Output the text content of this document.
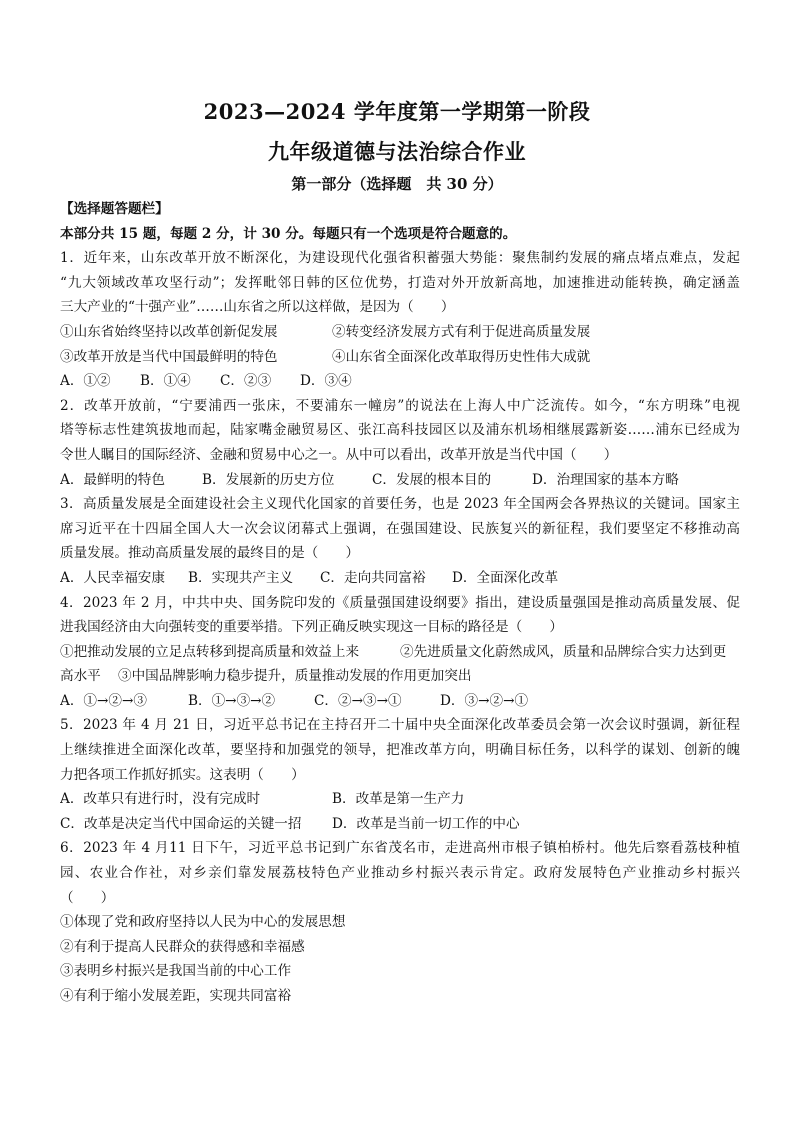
2023—2024 学年度第一学期第一阶段
九年级道德与法治综合作业
第一部分（选择题　共 30 分）
【选择题答题栏】
本部分共 15 题，每题 2 分，计 30 分。每题只有一个选项是符合题意的。
1．近年来，山东改革开放不断深化，为建设现代化强省积蓄强大势能：聚焦制约发展的痛点堵点难点，发起
“九大领域改革攻坚行动”；发挥毗邻日韩的区位优势，打造对外开放新高地，加速推进动能转换，确定涵盖
三大产业的“十强产业”……山东省之所以这样做，是因为（　　）
①山东省始终坚持以改革创新促发展	②转变经济发展方式有利于促进高质量发展
③改革开放是当代中国最鲜明的特色	④山东省全面深化改革取得历史性伟大成就
A．①② B．①④ C．②③ D．③④
2．改革开放前，“宁要浦西一张床，不要浦东一幢房”的说法在上海人中广泛流传。如今，“东方明珠”电视
塔等标志性建筑拔地而起，陆家嘴金融贸易区、张江高科技园区以及浦东机场相继展露新姿……浦东已经成为
令世人瞩目的国际经济、金融和贸易中心之一。从中可以看出，改革开放是当代中国（　　）
A．最鲜明的特色	B．发展新的历史方位	C．发展的根本目的	D．治理国家的基本方略
3．高质量发展是全面建设社会主义现代化国家的首要任务，也是 2023 年全国两会各界热议的关键词。国家主
席习近平在十四届全国人大一次会议闭幕式上强调，在强国建设、民族复兴的新征程，我们要坚定不移推动高
质量发展。推动高质量发展的最终目的是（　　）
A．人民幸福安康 B．实现共产主义 C．走向共同富裕 D．全面深化改革
4．2023 年 2 月，中共中央、国务院印发的《质量强国建设纲要》指出，建设质量强国是推动高质量发展、促
进我国经济由大向强转变的重要举措。下列正确反映实现这一目标的路径是（　　）
①把推动发展的立足点转移到提高质量和效益上来	②先进质量文化蔚然成风，质量和品牌综合实力达到更
高水平 ③中国品牌影响力稳步提升，质量推动发展的作用更加突出
A．①→②→③	B．①→③→②	C．②→③→①	D．③→②→①
5．2023 年 4 月 21 日，习近平总书记在主持召开二十届中央全面深化改革委员会第一次会议时强调，新征程
上继续推进全面深化改革，要坚持和加强党的领导，把准改革方向，明确目标任务，以科学的谋划、创新的魄
力把各项工作抓好抓实。这表明（　　）
A．改革只有进行时，没有完成时	B．改革是第一生产力
C．改革是决定当代中国命运的关键一招 D．改革是当前一切工作的中心
6．2023 年 4 月11 日下午，习近平总书记到广东省茂名市，走进高州市根子镇柏桥村。他先后察看荔枝种植
园、农业合作社，对乡亲们靠发展荔枝特色产业推动乡村振兴表示肯定。政府发展特色产业推动乡村振兴
（　　）
①体现了党和政府坚持以人民为中心的发展思想
②有利于提高人民群众的获得感和幸福感
③表明乡村振兴是我国当前的中心工作
④有利于缩小发展差距，实现共同富裕
